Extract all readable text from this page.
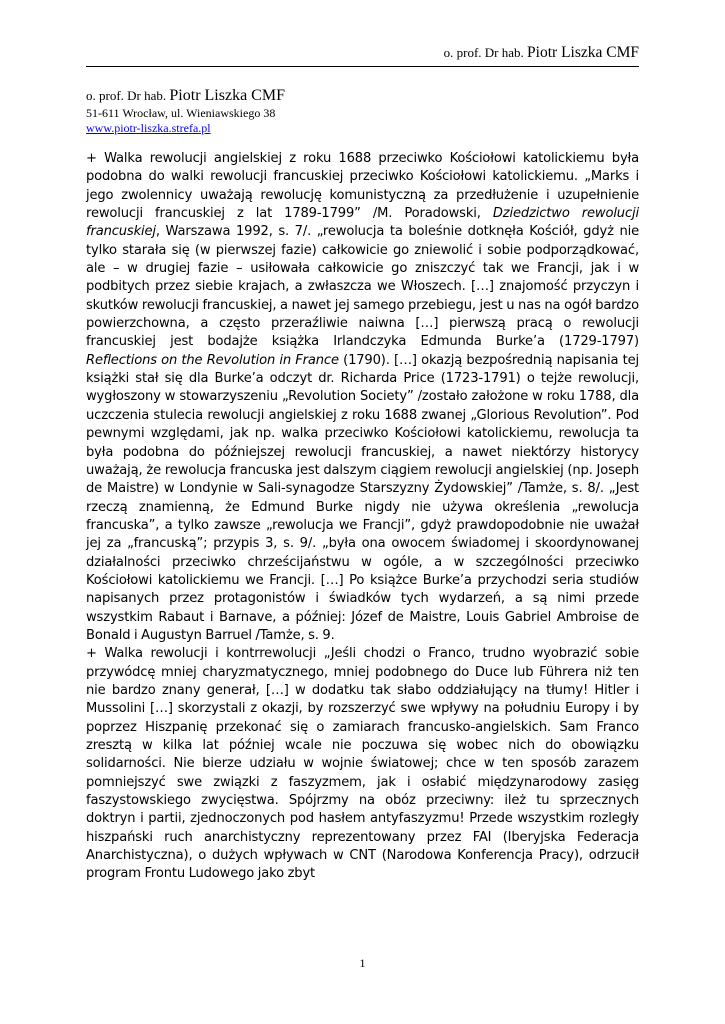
o. prof. Dr hab. Piotr Liszka CMF
o. prof. Dr hab. Piotr Liszka CMF
51-611 Wrocław, ul. Wieniawskiego 38
www.piotr-liszka.strefa.pl

+ Walka rewolucji angielskiej z roku 1688 przeciwko Kościołowi katolickiemu była podobna do walki rewolucji francuskiej przeciwko Kościołowi katolickiemu. „Marks i jego zwolennicy uważają rewolucję komunistyczną za przedłużenie i uzupełnienie rewolucji francuskiej z lat 1789-1799” /M. Poradowski, Dziedzictwo rewolucji francuskiej, Warszawa 1992, s. 7/. „rewolucja ta boleśnie dotknęła Kościół, gdyż nie tylko starała się (w pierwszej fazie) całkowicie go zniewolić i sobie podporządkować, ale – w drugiej fazie – usiłowała całkowicie go zniszczyć tak we Francji, jak i w podbitych przez siebie krajach, a zwłaszcza we Włoszech. […] znajomość przyczyn i skutków rewolucji francuskiej, a nawet jej samego przebiegu, jest u nas na ogół bardzo powierzchowna, a często przeraźliwie naiwna […] pierwszą pracą o rewolucji francuskiej jest bodajże książka Irlandczyka Edmunda Burke’a (1729-1797) Reflections on the Revolution in France (1790). […] okazją bezpośrednią napisania tej książki stał się dla Burke’a odczyt dr. Richarda Price (1723-1791) o tejże rewolucji, wygłoszony w stowarzyszeniu „Revolution Society” /zostało założone w roku 1788, dla uczczenia stulecia rewolucji angielskiej z roku 1688 zwanej „Glorious Revolution”. Pod pewnymi względami, jak np. walka przeciwko Kościołowi katolickiemu, rewolucja ta była podobna do późniejszej rewolucji francuskiej, a nawet niektórzy historycy uważają, że rewolucja francuska jest dalszym ciągiem rewolucji angielskiej (np. Joseph de Maistre) w Londynie w Sali-synagodze Starszyzny Żydowskiej” /Tamże, s. 8/. „Jest rzeczą znamienną, że Edmund Burke nigdy nie używa określenia „rewolucja francuska”, a tylko zawsze „rewolucja we Francji”, gdyż prawdopodobnie nie uważał jej za „francuską”; przypis 3, s. 9/. „była ona owocem świadomej i skoordynowanej działalności przeciwko chrześcijaństwu w ogóle, a w szczególności przeciwko Kościołowi katolickiemu we Francji. […] Po książce Burke’a przychodzi seria studiów napisanych przez protagonistów i świadków tych wydarzeń, a są nimi przede wszystkim Rabaut i Barnave, a później: Józef de Maistre, Louis Gabriel Ambroise de Bonald i Augustyn Barruel /Tamże, s. 9.

+ Walka rewolucji i kontrrewolucji „Jeśli chodzi o Franco, trudno wyobrazić sobie przywódcę mniej charyzmatycznego, mniej podobnego do Duce lub Führera niż ten nie bardzo znany generał, […] w dodatku tak słabo oddziałujący na tłumy! Hitler i Mussolini […] skorzystali z okazji, by rozszerzyć swe wpływy na południu Europy i by poprzez Hiszpanię przekonać się o zamiarach francusko-angielskich. Sam Franco zresztą w kilka lat później wcale nie poczuwa się wobec nich do obowiązku solidarności. Nie bierze udziału w wojnie światowej; chce w ten sposób zarazem pomniejszyć swe związki z faszyzmem, jak i osłabić międzynarodowy zasięg faszystowskiego zwycięstwa. Spójrzmy na obóz przeciwny: ileż tu sprzecznych doktryn i partii, zjednoczonych pod hasłem antyfaszyzmu! Przede wszystkim rozległy hiszpański ruch anarchistyczny reprezentowany przez FAI (Iberyjska Federacja Anarchistyczna), o dużych wpływach w CNT (Narodowa Konferencja Pracy), odrzucił program Frontu Ludowego jako zbyt

1
